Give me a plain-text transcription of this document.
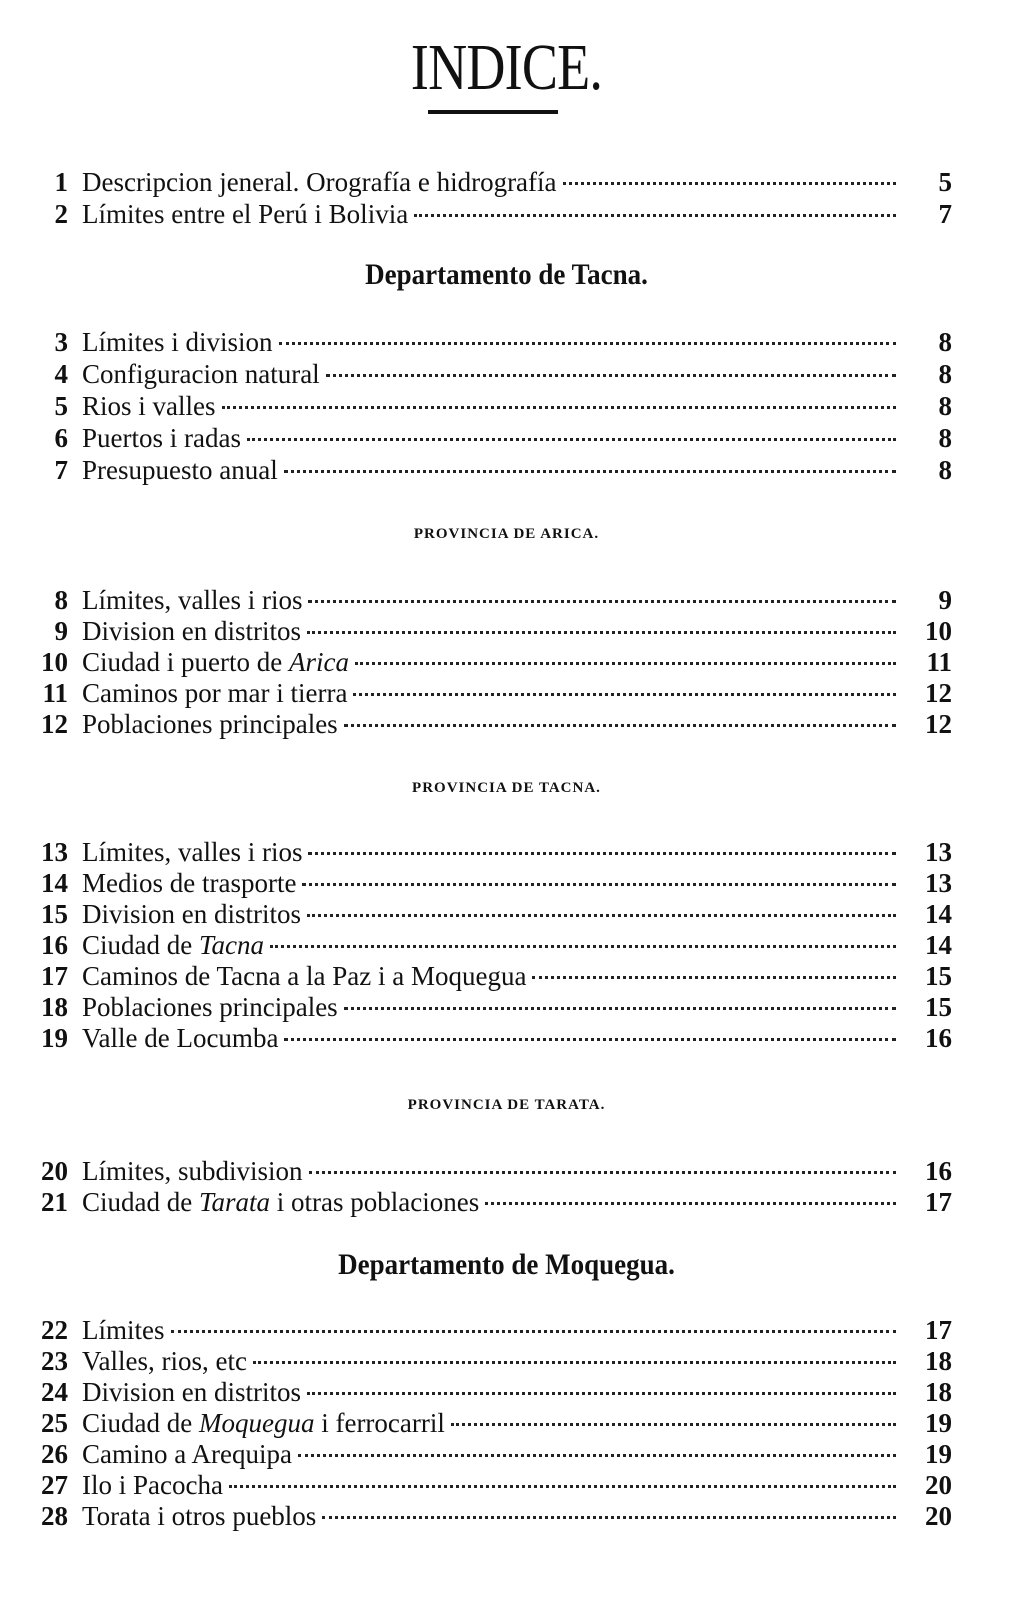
INDICE.
1 Descripcion jeneral. Orografía e hidrografía	5
2 Límites entre el Perú i Bolivia	7
Departamento de Tacna.
3 Límites i division	8
4 Configuracion natural	8
5 Rios i valles	8
6 Puertos i radas	8
7 Presupuesto anual	8
PROVINCIA DE ARICA.
8 Límites, valles i rios	9
9 Division en distritos	10
10 Ciudad i puerto de Arica	11
11 Caminos por mar i tierra	12
12 Poblaciones principales	12
PROVINCIA DE TACNA.
13 Límites, valles i rios	13
14 Medios de trasporte	13
15 Division en distritos	14
16 Ciudad de Tacna	14
17 Caminos de Tacna a la Paz i a Moquegua	15
18 Poblaciones principales	15
19 Valle de Locumba	16
PROVINCIA DE TARATA.
20 Límites, subdivision	16
21 Ciudad de Tarata i otras poblaciones	17
Departamento de Moquegua.
22 Límites	17
23 Valles, rios, etc	18
24 Division en distritos	18
25 Ciudad de Moquegua i ferrocarril	19
26 Camino a Arequipa	19
27 Ilo i Pacocha	20
28 Torata i otros pueblos	20
